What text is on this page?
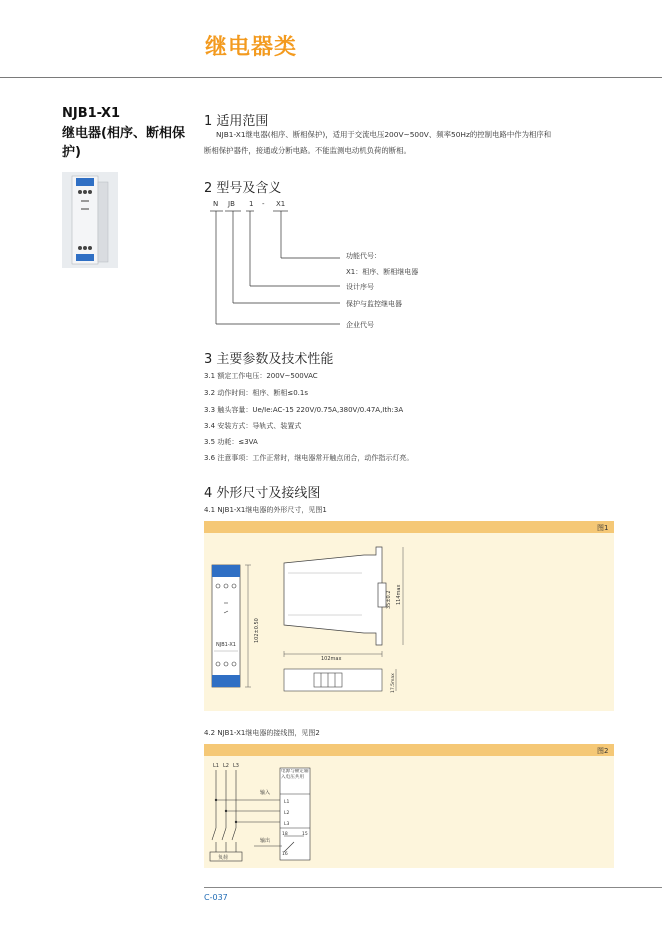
继电器类
NJB1-X1
继电器(相序、断相保护)
1 适用范围
NJB1-X1继电器(相序、断相保护)，适用于交流电压200V~500V、频率50Hz的控制电路中作为相序和
断相保护器件，接通或分断电路。不能监测电动机负荷的断相。
2 型号及含义
N JB 1 - X1
功能代号：
X1：相序、断相继电器
设计序号
保护与监控继电器
企业代号
3 主要参数及技术性能
3.1 额定工作电压：200V~500VAC
3.2 动作时间：相序、断相≤0.1s
3.3 触头容量：Ue/Ie:AC-15 220V/0.75A,380V/0.47A,Ith:3A
3.4 安装方式：导轨式、装置式
3.5 功耗：≤3VA
3.6 注意事项：工作正常时，继电器常开触点闭合，动作指示灯亮。
4 外形尺寸及接线图
4.1 NJB1-X1继电器的外形尺寸，见图1
图1
NJB1-X1
102±0.50
102max
114max
35±0.2
17.5max
4.2 NJB1-X1继电器的接线图，见图2
图2
L1 L2 L3
输入
输出
电源与额定输入电压共用
L1
L2
L3
18	15
16
负荷
C-037
